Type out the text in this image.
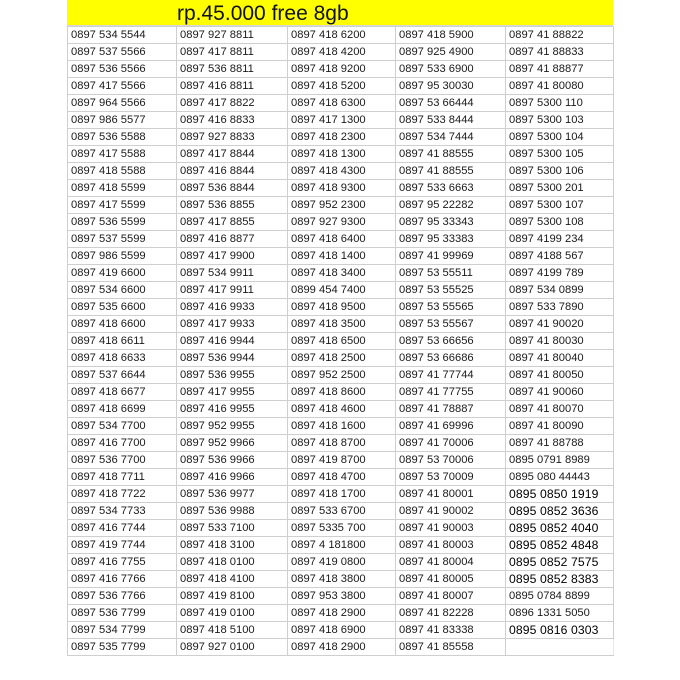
rp.45.000 free 8gb
0897 534 5544	0897 927 8811	0897 418 6200	0897 418 5900	0897 41 88822
0897 537 5566	0897 417 8811	0897 418 4200	0897 925 4900	0897 41 88833
0897 536 5566	0897 536 8811	0897 418 9200	0897 533 6900	0897 41 88877
0897 417 5566	0897 416 8811	0897 418 5200	0897 95 30030	0897 41 80080
0897 964 5566	0897 417 8822	0897 418 6300	0897 53 66444	0897 5300 110
0897 986 5577	0897 416 8833	0897 417 1300	0897 533 8444	0897 5300 103
0897 536 5588	0897 927 8833	0897 418 2300	0897 534 7444	0897 5300 104
0897 417 5588	0897 417 8844	0897 418 1300	0897 41 88555	0897 5300 105
0897 418 5588	0897 416 8844	0897 418 4300	0897 41 88555	0897 5300 106
0897 418 5599	0897 536 8844	0897 418 9300	0897 533 6663	0897 5300 201
0897 417 5599	0897 536 8855	0897 952 2300	0897 95 22282	0897 5300 107
0897 536 5599	0897 417 8855	0897 927 9300	0897 95 33343	0897 5300 108
0897 537 5599	0897 416 8877	0897 418 6400	0897 95 33383	0897 4199 234
0897 986 5599	0897 417 9900	0897 418 1400	0897 41 99969	0897 4188 567
0897 419 6600	0897 534 9911	0897 418 3400	0897 53 55511	0897 4199 789
0897 534 6600	0897 417 9911	0899 454 7400	0897 53 55525	0897 534 0899
0897 535 6600	0897 416 9933	0897 418 9500	0897 53 55565	0897 533 7890
0897 418 6600	0897 417 9933	0897 418 3500	0897 53 55567	0897 41 90020
0897 418 6611	0897 416 9944	0897 418 6500	0897 53 66656	0897 41 80030
0897 418 6633	0897 536 9944	0897 418 2500	0897 53 66686	0897 41 80040
0897 537 6644	0897 536 9955	0897 952 2500	0897 41 77744	0897 41 80050
0897 418 6677	0897 417 9955	0897 418 8600	0897 41 77755	0897 41 90060
0897 418 6699	0897 416 9955	0897 418 4600	0897 41 78887	0897 41 80070
0897 534 7700	0897 952 9955	0897 418 1600	0897 41 69996	0897 41 80090
0897 416 7700	0897 952 9966	0897 418 8700	0897 41 70006	0897 41 88788
0897 536 7700	0897 536 9966	0897 419 8700	0897 53 70006	0895 0791 8989
0897 418 7711	0897 416 9966	0897 418 4700	0897 53 70009	0895 080 44443
0897 418 7722	0897 536 9977	0897 418 1700	0897 41 80001	0895 0850 1919
0897 534 7733	0897 536 9988	0897 533 6700	0897 41 90002	0895 0852 3636
0897 416 7744	0897 533 7100	0897 5335 700	0897 41 90003	0895 0852 4040
0897 419 7744	0897 418 3100	0897 4 181800	0897 41 80003	0895 0852 4848
0897 416 7755	0897 418 0100	0897 419 0800	0897 41 80004	0895 0852 7575
0897 416 7766	0897 418 4100	0897 418 3800	0897 41 80005	0895 0852 8383
0897 536 7766	0897 419 8100	0897 953 3800	0897 41 80007	0895 0784 8899
0897 536 7799	0897 419 0100	0897 418 2900	0897 41 82228	0896 1331 5050
0897 534 7799	0897 418 5100	0897 418 6900	0897 41 83338	0895 0816 0303
0897 535 7799	0897 927 0100	0897 418 2900	0897 41 85558	
